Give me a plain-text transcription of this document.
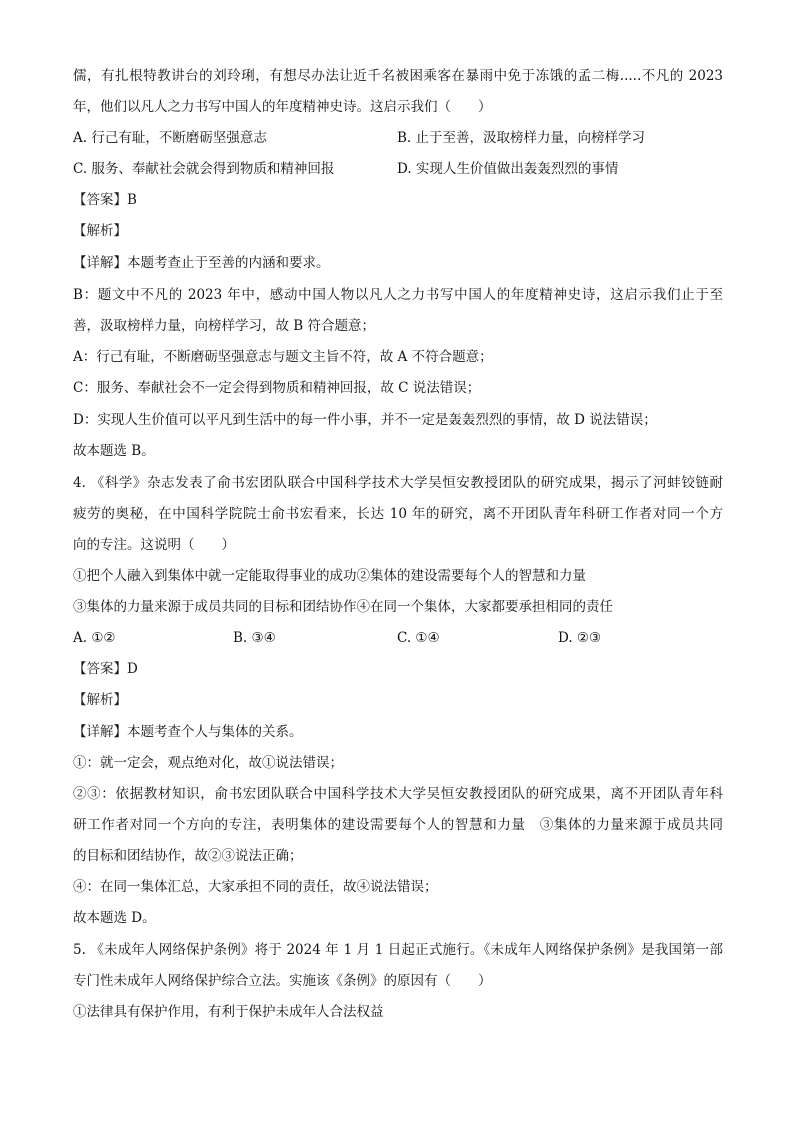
儒，有扎根特教讲台的刘玲琍，有想尽办法让近千名被困乘客在暴雨中免于冻饿的孟二梅.....不凡的 2023
年，他们以凡人之力书写中国人的年度精神史诗。这启示我们（　　）
A. 行己有耻，不断磨砺坚强意志	B. 止于至善，汲取榜样力量，向榜样学习
C. 服务、奉献社会就会得到物质和精神回报	D. 实现人生价值做出轰轰烈烈的事情
【答案】B
【解析】
【详解】本题考查止于至善的内涵和要求。
B：题文中不凡的 2023 年中，感动中国人物以凡人之力书写中国人的年度精神史诗，这启示我们止于至
善，汲取榜样力量，向榜样学习，故 B 符合题意；
A：行己有耻，不断磨砺坚强意志与题文主旨不符，故 A 不符合题意；
C：服务、奉献社会不一定会得到物质和精神回报，故 C 说法错误；
D：实现人生价值可以平凡到生活中的每一件小事，并不一定是轰轰烈烈的事情，故 D 说法错误；
故本题选 B。
4. 《科学》杂志发表了俞书宏团队联合中国科学技术大学吴恒安教授团队的研究成果，揭示了河蚌铰链耐
疲劳的奥秘，在中国科学院院士俞书宏看来，长达 10 年的研究，离不开团队青年科研工作者对同一个方
向的专注。这说明（　　）
①把个人融入到集体中就一定能取得事业的成功②集体的建设需要每个人的智慧和力量
③集体的力量来源于成员共同的目标和团结协作④在同一个集体，大家都要承担相同的责任
A. ①②	B. ③④	C. ①④	D. ②③
【答案】D
【解析】
【详解】本题考查个人与集体的关系。
①：就一定会，观点绝对化，故①说法错误；
②③：依据教材知识，俞书宏团队联合中国科学技术大学吴恒安教授团队的研究成果，离不开团队青年科
研工作者对同一个方向的专注，表明集体的建设需要每个人的智慧和力量　③集体的力量来源于成员共同
的目标和团结协作，故②③说法正确；
④：在同一集体汇总，大家承担不同的责任，故④说法错误；
故本题选 D。
5. 《未成年人网络保护条例》将于 2024 年 1 月 1 日起正式施行。《未成年人网络保护条例》是我国第一部
专门性未成年人网络保护综合立法。实施该《条例》的原因有（　　）
①法律具有保护作用，有利于保护未成年人合法权益
